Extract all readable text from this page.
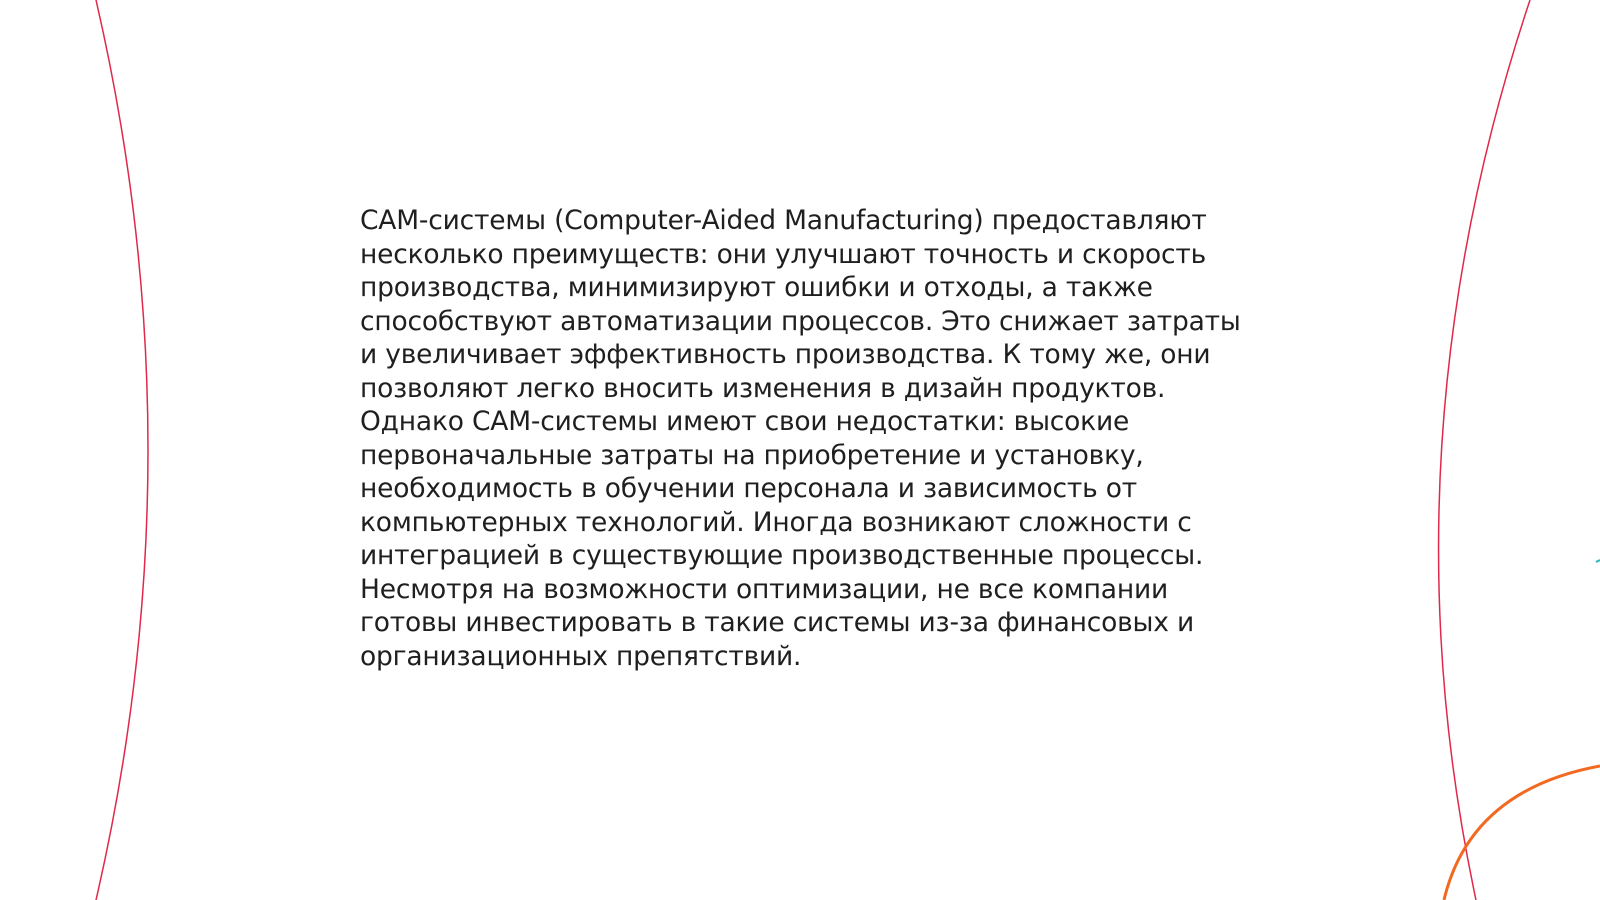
CAM-системы (Computer-Aided Manufacturing) предоставляют
несколько преимуществ: они улучшают точность и скорость
производства, минимизируют ошибки и отходы, а также
способствуют автоматизации процессов. Это снижает затраты
и увеличивает эффективность производства. К тому же, они
позволяют легко вносить изменения в дизайн продуктов.
Однако CAM-системы имеют свои недостатки: высокие
первоначальные затраты на приобретение и установку,
необходимость в обучении персонала и зависимость от
компьютерных технологий. Иногда возникают сложности с
интеграцией в существующие производственные процессы.
Несмотря на возможности оптимизации, не все компании
готовы инвестировать в такие системы из-за финансовых и
организационных препятствий.
